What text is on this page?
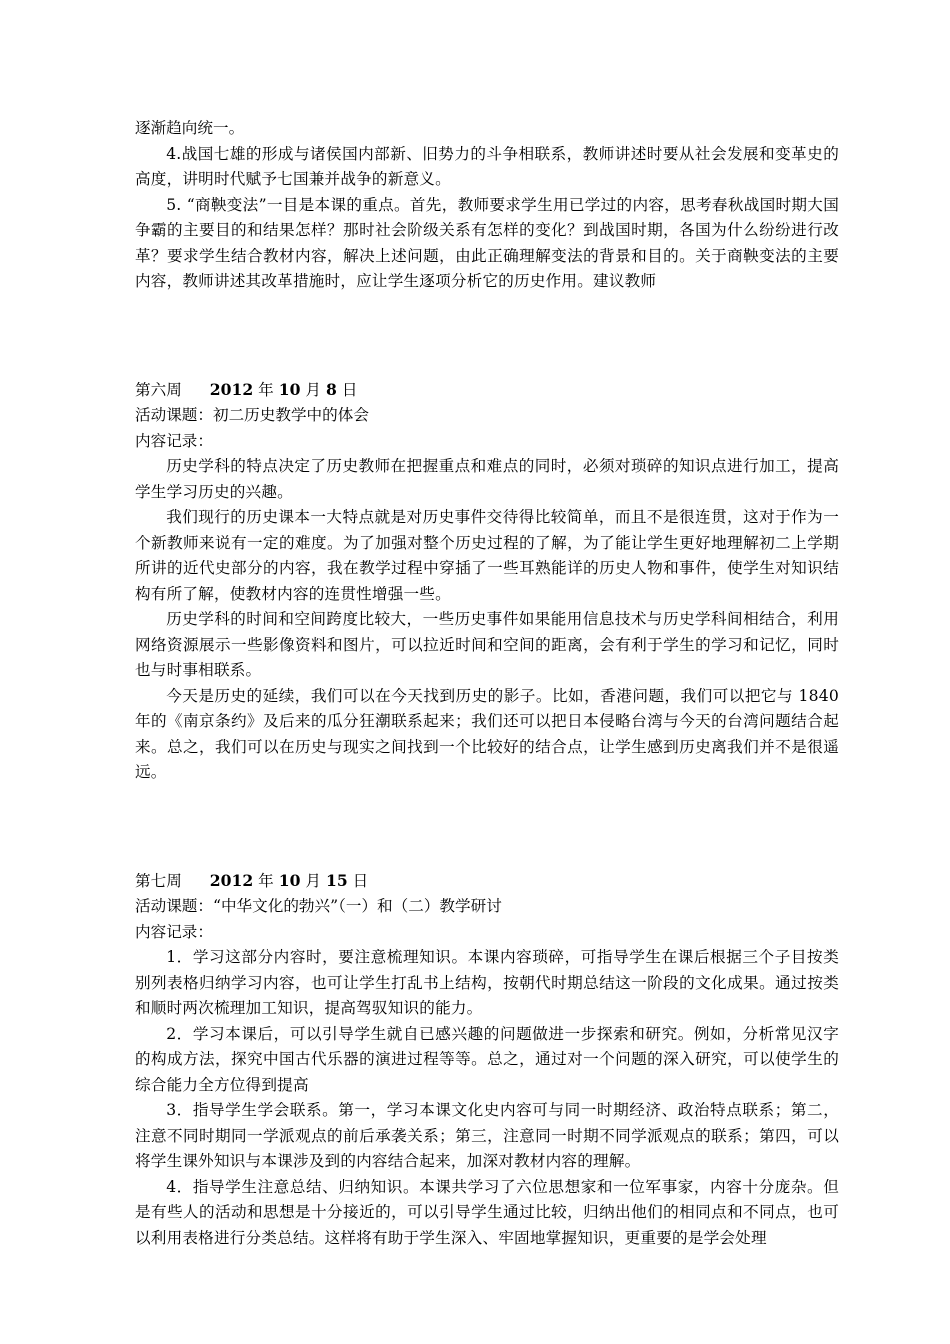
逐渐趋向统一。

4.战国七雄的形成与诸侯国内部新、旧势力的斗争相联系，教师讲述时要从社会发展和变革史的高度，讲明时代赋予七国兼并战争的新意义。

5. “商鞅变法”一目是本课的重点。首先，教师要求学生用已学过的内容，思考春秋战国时期大国争霸的主要目的和结果怎样？那时社会阶级关系有怎样的变化？到战国时期，各国为什么纷纷进行改革？要求学生结合教材内容，解决上述问题，由此正确理解变法的背景和目的。关于商鞅变法的主要内容，教师讲述其改革措施时，应让学生逐项分析它的历史作用。建议教师

第六周 2012 年 10 月 8 日

活动课题：初二历史教学中的体会

内容记录：

历史学科的特点决定了历史教师在把握重点和难点的同时，必须对琐碎的知识点进行加工，提高学生学习历史的兴趣。

我们现行的历史课本一大特点就是对历史事件交待得比较简单，而且不是很连贯，这对于作为一个新教师来说有一定的难度。为了加强对整个历史过程的了解，为了能让学生更好地理解初二上学期所讲的近代史部分的内容，我在教学过程中穿插了一些耳熟能详的历史人物和事件，使学生对知识结构有所了解，使教材内容的连贯性增强一些。

历史学科的时间和空间跨度比较大，一些历史事件如果能用信息技术与历史学科间相结合，利用网络资源展示一些影像资料和图片，可以拉近时间和空间的距离，会有利于学生的学习和记忆，同时也与时事相联系。

今天是历史的延续，我们可以在今天找到历史的影子。比如，香港问题，我们可以把它与 1840 年的《南京条约》及后来的瓜分狂潮联系起来；我们还可以把日本侵略台湾与今天的台湾问题结合起来。总之，我们可以在历史与现实之间找到一个比较好的结合点，让学生感到历史离我们并不是很遥远。

第七周 2012 年 10 月 15 日

活动课题：“中华文化的勃兴”（一）和（二）教学研讨

内容记录：

1．学习这部分内容时，要注意梳理知识。本课内容琐碎，可指导学生在课后根据三个子目按类别列表格归纳学习内容，也可让学生打乱书上结构，按朝代时期总结这一阶段的文化成果。通过按类和顺时两次梳理加工知识，提高驾驭知识的能力。

2．学习本课后，可以引导学生就自已感兴趣的问题做进一步探索和研究。例如，分析常见汉字的构成方法，探究中国古代乐器的演进过程等等。总之，通过对一个问题的深入研究，可以使学生的综合能力全方位得到提高

3．指导学生学会联系。第一，学习本课文化史内容可与同一时期经济、政治特点联系；第二，注意不同时期同一学派观点的前后承袭关系；第三，注意同一时期不同学派观点的联系；第四，可以将学生课外知识与本课涉及到的内容结合起来，加深对教材内容的理解。

4．指导学生注意总结、归纳知识。本课共学习了六位思想家和一位军事家，内容十分庞杂。但是有些人的活动和思想是十分接近的，可以引导学生通过比较，归纳出他们的相同点和不同点，也可以利用表格进行分类总结。这样将有助于学生深入、牢固地掌握知识，更重要的是学会处理
